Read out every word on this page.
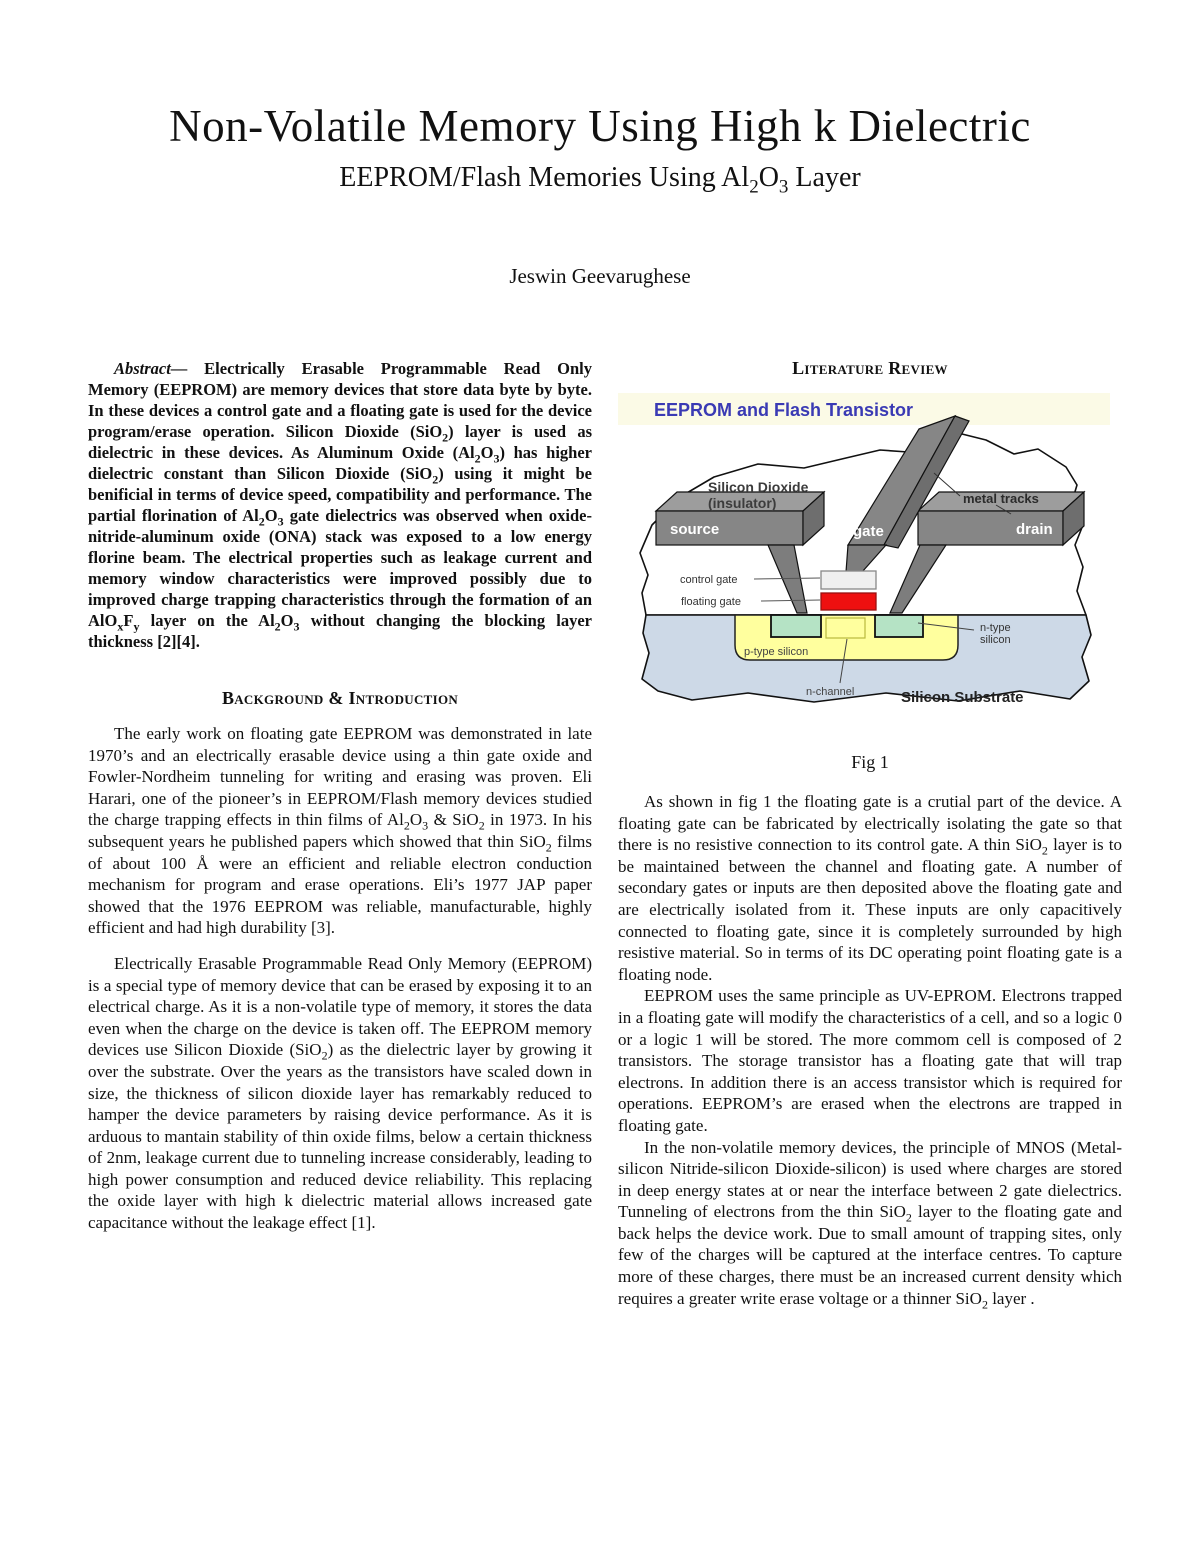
Non-Volatile Memory Using High k Dielectric
EEPROM/Flash Memories Using $Al_2O_3$ Layer
Jeswin Geevarughese

Abstract— Electrically Erasable Programmable Read Only Memory (EEPROM) are memory devices that store data byte by byte. In these devices a control gate and a floating gate is used for the device program/erase operation. Silicon Dioxide (SiO$_2$) layer is used as dielectric in these devices. As Aluminum Oxide $(Al_2O_3)$ has higher dielectric constant than Silicon Dioxide (SiO$_2$) using it might be benificial in terms of device speed, compatibility and performance. The partial florination of $Al_2O_3$ gate dielectrics was observed when oxide-nitride-aluminum oxide (ONA) stack was exposed to a low energy florine beam. The electrical properties such as leakage current and memory window characteristics were improved possibly due to improved charge trapping characteristics through the formation of an $AlO_xF_y$ layer on the $Al_2O_3$ without changing the blocking layer thickness [2][4].

Background & Introduction

The early work on floating gate EEPROM was demonstrated in late 1970’s and an electrically erasable device using a thin gate oxide and Fowler-Nordheim tunneling for writing and erasing was proven. Eli Harari, one of the pioneer’s in EEPROM/Flash memory devices studied the charge trapping effects in thin films of $Al_2O_3$ & SiO$_2$ in 1973. In his subsequent years he published papers which showed that thin SiO$_2$ films of about 100 Å were an efficient and reliable electron conduction mechanism for program and erase operations. Eli’s 1977 JAP paper showed that the 1976 EEPROM was reliable, manufacturable, highly efficient and had high durability [3].

Electrically Erasable Programmable Read Only Memory (EEPROM) is a special type of memory device that can be erased by exposing it to an electrical charge. As it is a non-volatile type of memory, it stores the data even when the charge on the device is taken off. The EEPROM memory devices use Silicon Dioxide (SiO$_2$) as the dielectric layer by growing it over the substrate. Over the years as the transistors have scaled down in size, the thickness of silicon dioxide layer has remarkably reduced to hamper the device parameters by raising device performance. As it is arduous to mantain stability of thin oxide films, below a certain thickness of 2nm, leakage current due to tunneling increase considerably, leading to high power consumption and reduced device reliability. This replacing the oxide layer with high k dielectric material allows increased gate capacitance without the leakage effect [1].

Literature Review
EEPROM and Flash Transistor
Silicon Dioxide
(insulator)	metal tracks
source	gate	drain
control gate
floating gate
n-type
silicon
p-type silicon
n-channel	Silicon Substrate
Fig 1

As shown in fig 1 the floating gate is a crutial part of the device. A floating gate can be fabricated by electrically isolating the gate so that there is no resistive connection to its control gate. A thin SiO$_2$ layer is to be maintained between the channel and floating gate. A number of secondary gates or inputs are then deposited above the floating gate and are electrically isolated from it. These inputs are only capacitively connected to floating gate, since it is completely surrounded by high resistive material. So in terms of its DC operating point floating gate is a floating node.

EEPROM uses the same principle as UV-EPROM. Electrons trapped in a floating gate will modify the characteristics of a cell, and so a logic 0 or a logic 1 will be stored. The more commom cell is composed of 2 transistors. The storage transistor has a floating gate that will trap electrons. In addition there is an access transistor which is required for operations. EEPROM’s are erased when the electrons are trapped in floating gate.

In the non-volatile memory devices, the principle of MNOS (Metal-silicon Nitride-silicon Dioxide-silicon) is used where charges are stored in deep energy states at or near the interface between 2 gate dielectrics. Tunneling of electrons from the thin SiO$_2$ layer to the floating gate and back helps the device work. Due to small amount of trapping sites, only few of the charges will be captured at the interface centres. To capture more of these charges, there must be an increased current density which requires a greater write erase voltage or a thinner SiO$_2$ layer .
